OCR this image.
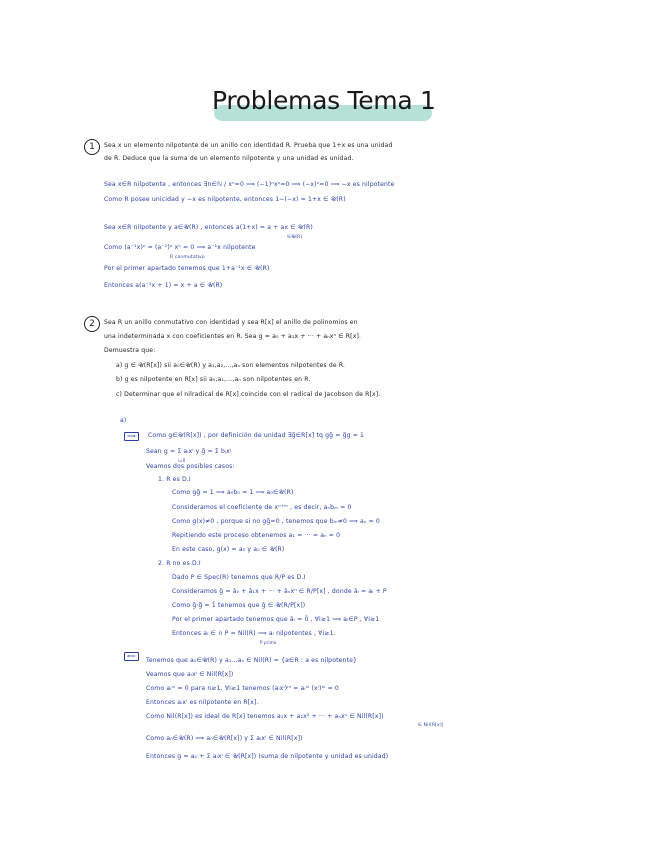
Problemas Tema 1
1	Sea x un elemento nilpotente de un anillo con identidad R. Prueba que 1+x es una unidad
de R. Deduce que la suma de un elemento nilpotente y una unidad es unidad.
Sea x∈R nilpotente , entonces ∃n∈ℕ / xⁿ=0 ⟹ (−1)ⁿxⁿ=0 ⟹ (−x)ⁿ=0 ⟹ −x es nilpotente
Como R posee unicidad y −x es nilpotente, entonces 1−(−x) = 1+x ∈ 𝒰(R)
Sea x∈R nilpotente y a∈𝒰(R) , entonces a(1+x) = a + ax ∈ 𝒰(R)
∈𝒰(R)
Como (a⁻¹x)ⁿ = (a⁻¹)ⁿ xⁿ = 0 ⟹ a⁻¹x nilpotente
R conmutativo
Por el primer apartado tenemos que 1+a⁻¹x ∈ 𝒰(R)
Entonces a(a⁻¹x + 1) = x + a ∈ 𝒰(R)
2	Sea R un anillo conmutativo con identidad y sea R[x] el anillo de polinomios en
una indeterminada x con coeficientes en R. Sea g = a₀ + a₁x + ··· + aₙxⁿ ∈ R[x].
Demuestra que:
a) g ∈ 𝒰(R[x]) sii a₀∈𝒰(R) y a₁,a₂,...,aₙ son elementos nilpotentes de R.
b) g es nilpotente en R[x] sii a₀,a₁,...,aₙ son nilpotentes en R.
c) Determinar que el nilradical de R[x] coincide con el radical de Jacobson de R[x].
a)
⟹	Como g∈𝒰(R[x]) , por definición de unidad ∃g̃∈R[x] tq gg̃ = g̃g = 1
Sean g = Σ aᵢxⁱ y g̃ = Σ bⱼxʲ
i=0
Veamos dos posibles casos:
1. R es D.I
Como gg̃ = 1 ⟹ a₀b₀ = 1 ⟹ a₀∈𝒰(R)
Consideramos el coeficiente de xⁿ⁺ᵐ , es decir, aₙbₘ = 0
Como g(x)≠0 , porque si no gg̃=0 , tenemos que bₘ≠0 ⟹ aₙ = 0
Repitiendo este proceso obtenemos a₁ = ··· = aₙ = 0
En este caso, g(x) = a₀ y a₀ ∈ 𝒰(R)
2. R no es D.I
Dado P ∈ Spec(R) tenemos que R/P es D.I
Consideramos ḡ = ā₀ + ā₁x + ··· + āₙxⁿ ∈ R/P[x] , donde āᵢ = aᵢ + P
Como ḡ·g̃̄ = 1̄ tenemos que ḡ ∈ 𝒰(R/P[x])
Por el primer apartado tenemos que āᵢ = 0̄ , ∀i≥1 ⟹ aᵢ∈P , ∀i≥1
Entonces aᵢ ∈ ∩ P = Nil(R) ⟹ aᵢ nilpotentes , ∀i≥1.
P primo
⟸
Tenemos que a₀∈𝒰(R) y a₁...aₙ ∈ Nil(R) = {a∈R : a es nilpotente}
Veamos que aᵢxⁱ ∈ Nil(R[x])
Como aᵢⁿⁱ = 0 para n≥1, ∀i≥1 tenemos (aᵢxⁱ)ⁿⁱ = aᵢⁿⁱ (xⁱ)ⁿⁱ = 0
Entonces aᵢxⁱ es nilpotente en R[x].
Como Nil(R[x]) es ideal de R[x] tenemos a₁x + a₂x² + ··· + aₙxⁿ ∈ Nil(R[x])
∈ Nil(R[x])
Como a₀∈𝒰(R) ⟹ a₀∈𝒰(R[x]) y Σ aᵢxⁱ ∈ Nil(R[x])
Entonces g = a₀ + Σ aᵢxⁱ ∈ 𝒰(R[x]) (suma de nilpotente y unidad es unidad)
